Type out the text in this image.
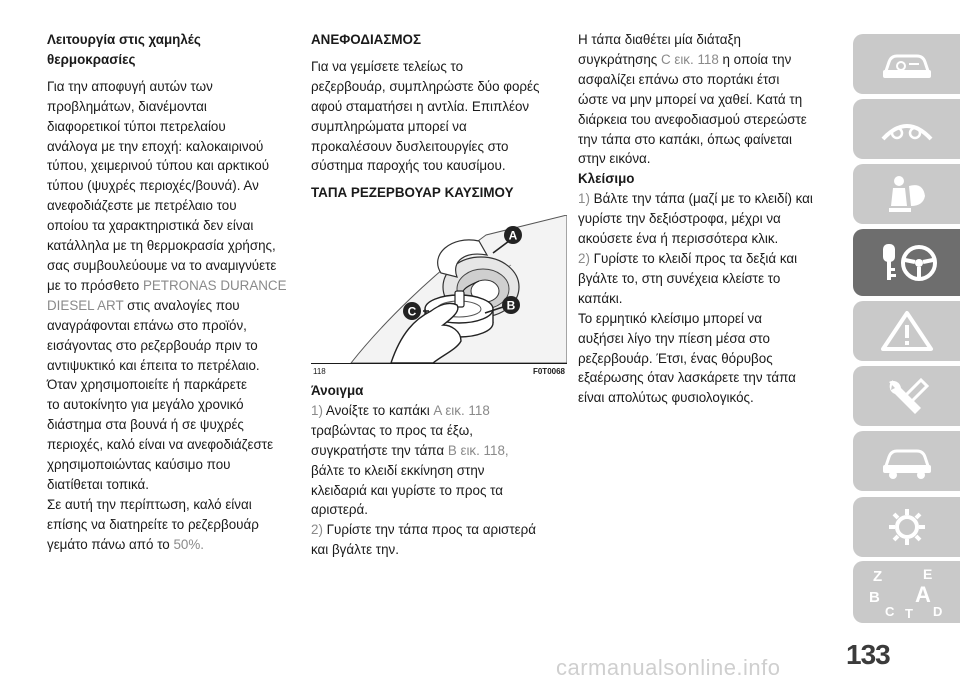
Λειτουργία στις χαμηλές
θερμοκρασίες

Για την αποφυγή αυτών των
προβλημάτων, διανέμονται
διαφορετικοί τύποι πετρελαίου
ανάλογα με την εποχή: καλοκαιρινού
τύπου, χειμερινού τύπου και αρκτικού
τύπου (ψυχρές περιοχές/βουνά). Αν
ανεφοδιάζεστε με πετρέλαιο του
οποίου τα χαρακτηριστικά δεν είναι
κατάλληλα με τη θερμοκρασία χρήσης,
σας συμβουλεύουμε να το αναμιγνύετε
με το πρόσθετο PETRONAS DURANCE
DIESEL ART στις αναλογίες που
αναγράφονται επάνω στο προϊόν,
εισάγοντας στο ρεζερβουάρ πριν το
αντιψυκτικό και έπειτα το πετρέλαιο.
Όταν χρησιμοποιείτε ή παρκάρετε
το αυτοκίνητο για μεγάλο χρονικό
διάστημα στα βουνά ή σε ψυχρές
περιοχές, καλό είναι να ανεφοδιάζεστε
χρησιμοποιώντας καύσιμο που
διατίθεται τοπικά.
Σε αυτή την περίπτωση, καλό είναι
επίσης να διατηρείτε το ρεζερβουάρ
γεμάτο πάνω από το 50%.

ΑΝΕΦΟΔΙΑΣΜΟΣ

Για να γεμίσετε τελείως το
ρεζερβουάρ, συμπληρώστε δύο φορές
αφού σταματήσει η αντλία. Επιπλέον
συμπληρώματα μπορεί να
προκαλέσουν δυσλειτουργίες στο
σύστημα παροχής του καυσίμου.

ΤΑΠΑ ΡΕΖΕΡΒΟΥΑΡ ΚΑΥΣΙΜΟΥ

A
B
C
118	F0T0068

Άνοιγμα

1) Ανοίξτε το καπάκι A εικ. 118
τραβώντας το προς τα έξω,
συγκρατήστε την τάπα B εικ. 118,
βάλτε το κλειδί εκκίνηση στην
κλειδαριά και γυρίστε το προς τα
αριστερά.

2) Γυρίστε την τάπα προς τα αριστερά
και βγάλτε την.

Η τάπα διαθέτει μία διάταξη
συγκράτησης C εικ. 118 η οποία την
ασφαλίζει επάνω στο πορτάκι έτσι
ώστε να μην μπορεί να χαθεί. Κατά τη
διάρκεια του ανεφοδιασμού στερεώστε
την τάπα στο καπάκι, όπως φαίνεται
στην εικόνα.

Κλείσιμο

1) Βάλτε την τάπα (μαζί με το κλειδί) και
γυρίστε την δεξιόστροφα, μέχρι να
ακούσετε ένα ή περισσότερα κλικ.

2) Γυρίστε το κλειδί προς τα δεξιά και
βγάλτε το, στη συνέχεια κλείστε το
καπάκι.

Το ερμητικό κλείσιμο μπορεί να
αυξήσει λίγο την πίεση μέσα στο
ρεζερβουάρ. Έτσι, ένας θόρυβος
εξαέρωσης όταν λασκάρετε την τάπα
είναι απολύτως φυσιολογικός.

Z	E
B A
C T D
133
carmanualsonline.info
